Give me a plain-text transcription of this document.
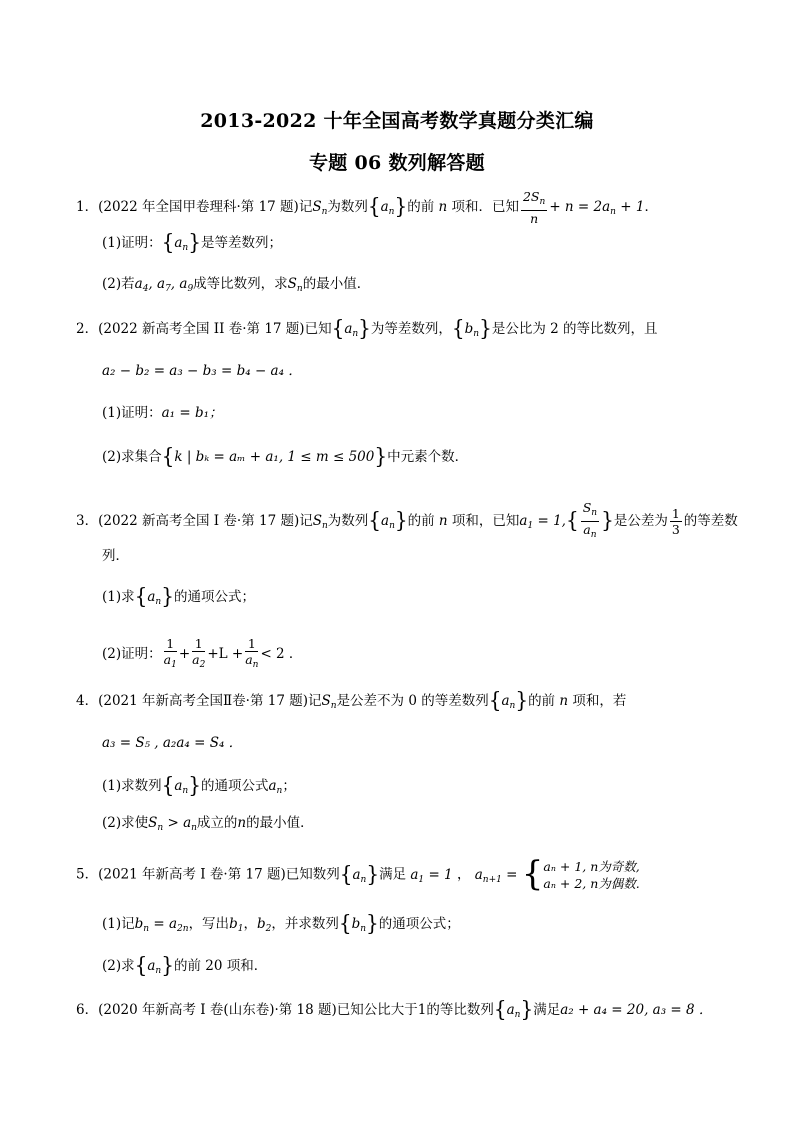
2013-2022 十年全国高考数学真题分类汇编
专题 06 数列解答题
1．(2022 年全国甲卷理科·第 17 题)记$S_n$为数列$\{a_n\}$的前 n 项和．已知 $\frac{2S_n}{n} + n = 2a_n + 1$．
(1)证明：$\{a_n\}$是等差数列；
(2)若$a_4$, $a_7$, $a_9$成等比数列，求$S_n$的最小值．
2．(2022 新高考全国 II 卷·第 17 题)已知$\{a_n\}$为等差数列，$\{b_n\}$是公比为 2 的等比数列，且
a₂ − b₂ = a₃ − b₃ = b₄ − a₄ ．
(1)证明：a₁ = b₁；
(2)求集合{k | bₖ = aₘ + a₁, 1 ≤ m ≤ 500}中元素个数．
3．(2022 新高考全国 I 卷·第 17 题)记$S_n$为数列$\{a_n\}$的前 n 项和，已知$a_1 = 1,\{ \frac{S_n}{a_n}$ }是公差为 $\frac{1}{3}$ 的等差数
列．
(1)求$\{a_n\}$的通项公式；
(2)证明： $\frac{1}{a_1} + \frac{1}{a_2} +L + \frac{1}{a_n} < 2$ ．
4．(2021 年新高考全国Ⅱ卷·第 17 题)记$S_n$是公差不为 0 的等差数列$\{a_n\}$的前 n 项和，若
a₃ = S₅ , a₂a₄ = S₄ ．
(1)求数列$\{a_n\}$的通项公式$a_n$；
(2)求使$S_n > a_n$成立的n的最小值．
5．(2021 年新高考 I 卷·第 17 题)已知数列$\{a_n\}$满足 $a_1 = 1$ ， $a_{n+1}$ = { aₙ + 1, n为奇数,
aₙ + 2, n为偶数.
(1)记$b_n = a_{2n}$，写出$b_1$，$b_2$，并求数列$\{b_n\}$的通项公式；
(2)求$\{a_n\}$的前 20 项和．
6．(2020 年新高考 I 卷(山东卷)·第 18 题)已知公比大于1的等比数列$\{a_n\}$满足a₂ + a₄ = 20, a₃ = 8 ．
